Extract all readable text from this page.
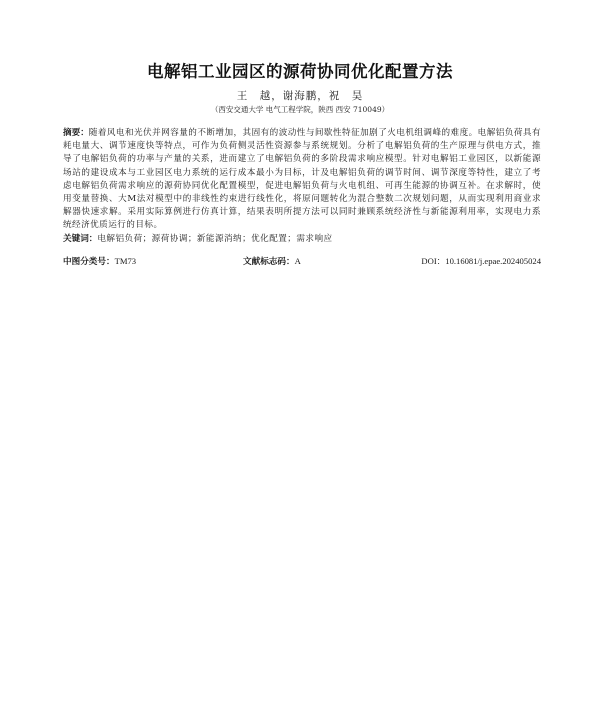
电解铝工业园区的源荷协同优化配置方法
王　越，谢海鹏，祝　昊
（西安交通大学 电气工程学院，陕西 西安 710049）
摘要：随着风电和光伏并网容量的不断增加，其固有的波动性与间歇性特征加剧了火电机组调峰的难度。电解铝负荷具有耗电量大、调节速度快等特点，可作为负荷侧灵活性资源参与系统规划。分析了电解铝负荷的生产原理与供电方式，推导了电解铝负荷的功率与产量的关系，进而建立了电解铝负荷的多阶段需求响应模型。针对电解铝工业园区，以新能源场站的建设成本与工业园区电力系统的运行成本最小为目标，计及电解铝负荷的调节时间、调节深度等特性，建立了考虑电解铝负荷需求响应的源荷协同优化配置模型，促进电解铝负荷与火电机组、可再生能源的协调互补。在求解时，使用变量替换、大M法对模型中的非线性约束进行线性化，将原问题转化为混合整数二次规划问题，从而实现利用商业求解器快速求解。采用实际算例进行仿真计算，结果表明所提方法可以同时兼顾系统经济性与新能源利用率，实现电力系统经济优质运行的目标。
关键词：电解铝负荷；源荷协调；新能源消纳；优化配置；需求响应
中图分类号：TM73	文献标志码：A	DOI：10.16081/j.epae.202405024
